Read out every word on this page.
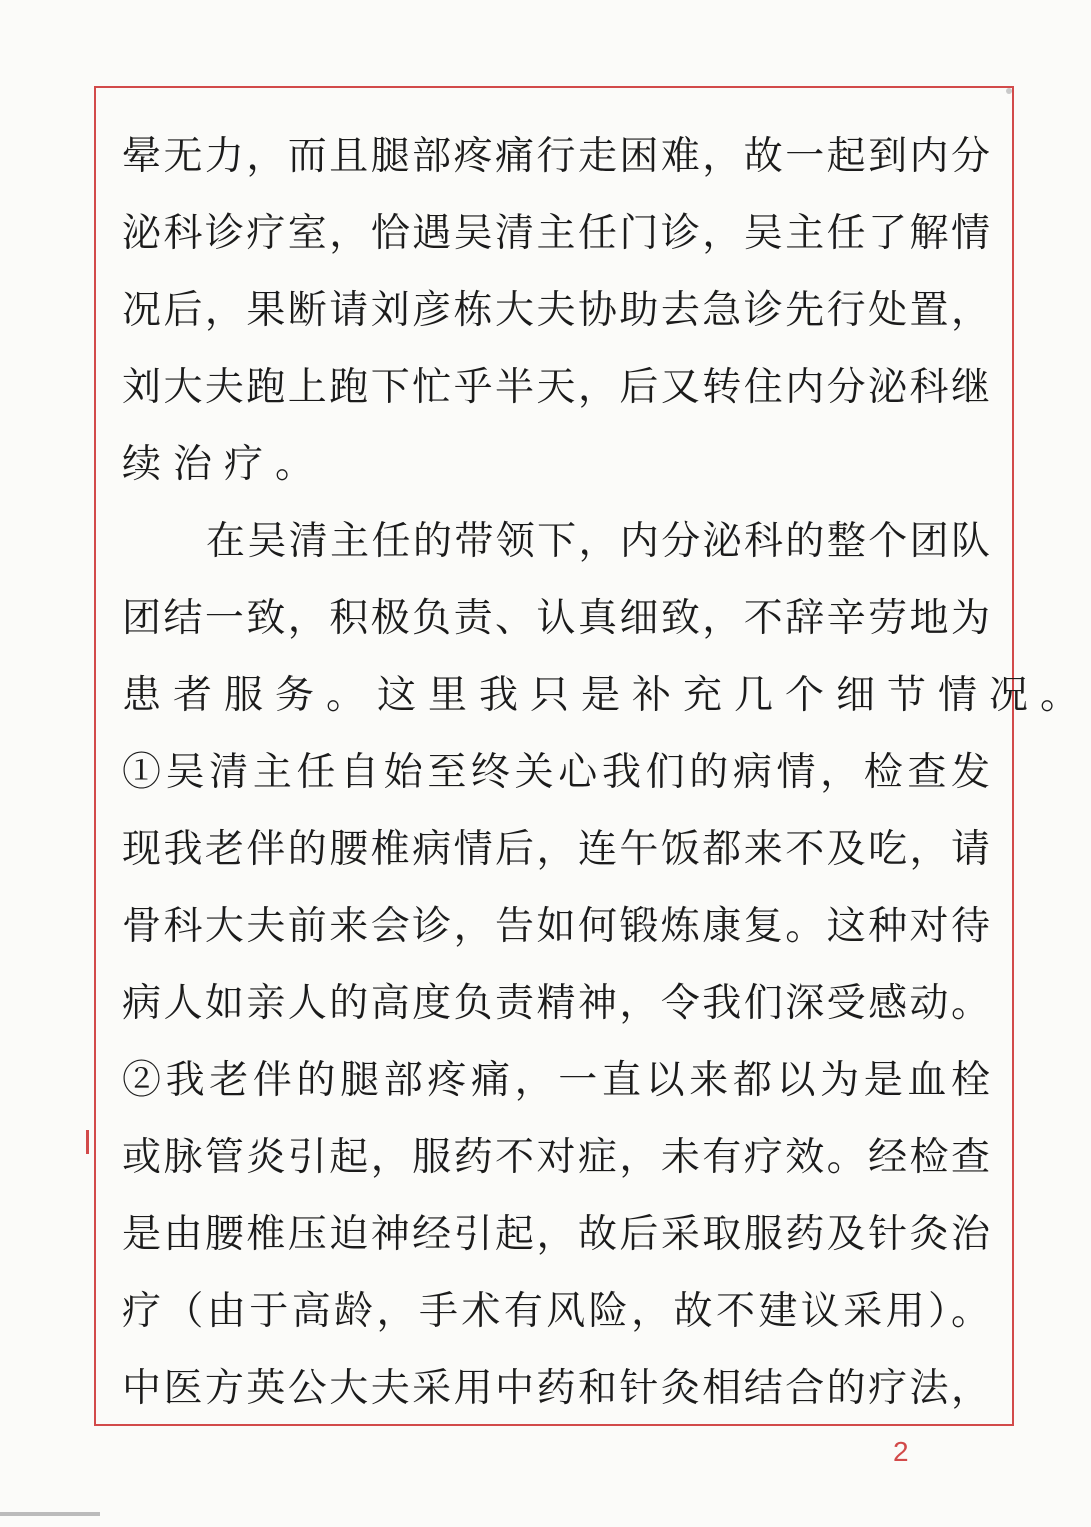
晕无力，而且腿部疼痛行走困难，故一起到内分
泌科诊疗室，恰遇吴清主任门诊，吴主任了解情
况后，果断请刘彦栋大夫协助去急诊先行处置，
刘大夫跑上跑下忙乎半天，后又转住内分泌科继
续治疗。
在吴清主任的带领下，内分泌科的整个团队
团结一致，积极负责、认真细致，不辞辛劳地为
患者服务。这里我只是补充几个细节情况。
①吴清主任自始至终关心我们的病情，检查发
现我老伴的腰椎病情后，连午饭都来不及吃，请
骨科大夫前来会诊，告如何锻炼康复。这种对待
病人如亲人的高度负责精神，令我们深受感动。
②我老伴的腿部疼痛，一直以来都以为是血栓
或脉管炎引起，服药不对症，未有疗效。经检查
是由腰椎压迫神经引起，故后采取服药及针灸治
疗（由于高龄，手术有风险，故不建议采用）。
中医方英公大夫采用中药和针灸相结合的疗法，
2
